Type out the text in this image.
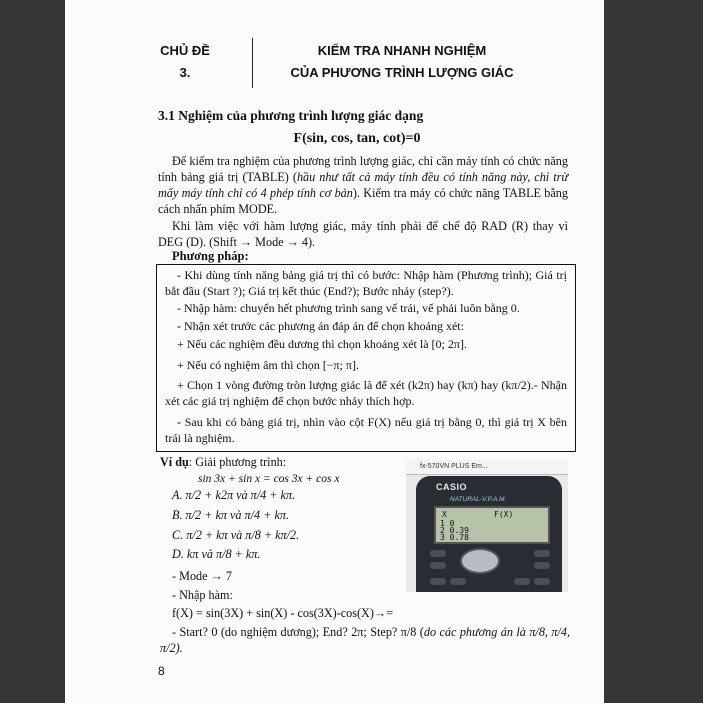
CHỦ ĐỀ
3.
KIỂM TRA NHANH NGHIỆM
CỦA PHƯƠNG TRÌNH LƯỢNG GIÁC
3.1 Nghiệm của phương trình lượng giác dạng
F(sin, cos, tan, cot)=0
Để kiểm tra nghiệm của phương trình lượng giác, chỉ cần máy tính có chức năng tính bảng giá trị (TABLE) (hầu như tất cả máy tính đều có tính năng này, chỉ trừ mấy máy tính chỉ có 4 phép tính cơ bản). Kiểm tra máy có chức năng TABLE bằng cách nhấn phím MODE.
Khi làm việc với hàm lượng giác, máy tính phải để chế độ RAD (R) thay vì DEG (D). (Shift → Mode → 4).
Phương pháp:
- Khi dùng tính năng bảng giá trị thì có bước: Nhập hàm (Phương trình); Giá trị bắt đầu (Start ?); Giá trị kết thúc (End?); Bước nhảy (step?).
- Nhập hàm: chuyển hết phương trình sang vế trái, vế phải luôn bằng 0.
- Nhận xét trước các phương án đáp án để chọn khoảng xét:
+ Nếu các nghiệm đều dương thì chọn khoảng xét là [0; 2π].
+ Nếu có nghiệm âm thì chọn [−π; π].
+ Chọn 1 vòng đường tròn lượng giác là để xét (k2π) hay (kπ) hay (kπ/2).- Nhận xét các giá trị nghiệm để chọn bước nhảy thích hợp.
- Sau khi có bảng giá trị, nhìn vào cột F(X) nếu giá trị bằng 0, thì giá trị X bên trái là nghiệm.
Ví dụ: Giải phương trình:
sin 3x + sin x = cos 3x + cos x
A. π/2 + k2π và π/4 + kπ.
B. π/2 + kπ và π/4 + kπ.
C. π/2 + kπ và π/8 + kπ/2.
D. kπ và π/8 + kπ.
- Mode → 7
- Nhập hàm:
f(X) = sin(3X) + sin(X) - cos(3X)-cos(X)→=
- Start? 0 (do nghiệm dương); End? 2π; Step? π/8 (do các phương án là π/8, π/4, π/2).
fx-570VN PLUS Em...
CASIO
NATURAL-V.P.A.M.
X	F(X)
1 0
2 0.39
3 0.78
8
